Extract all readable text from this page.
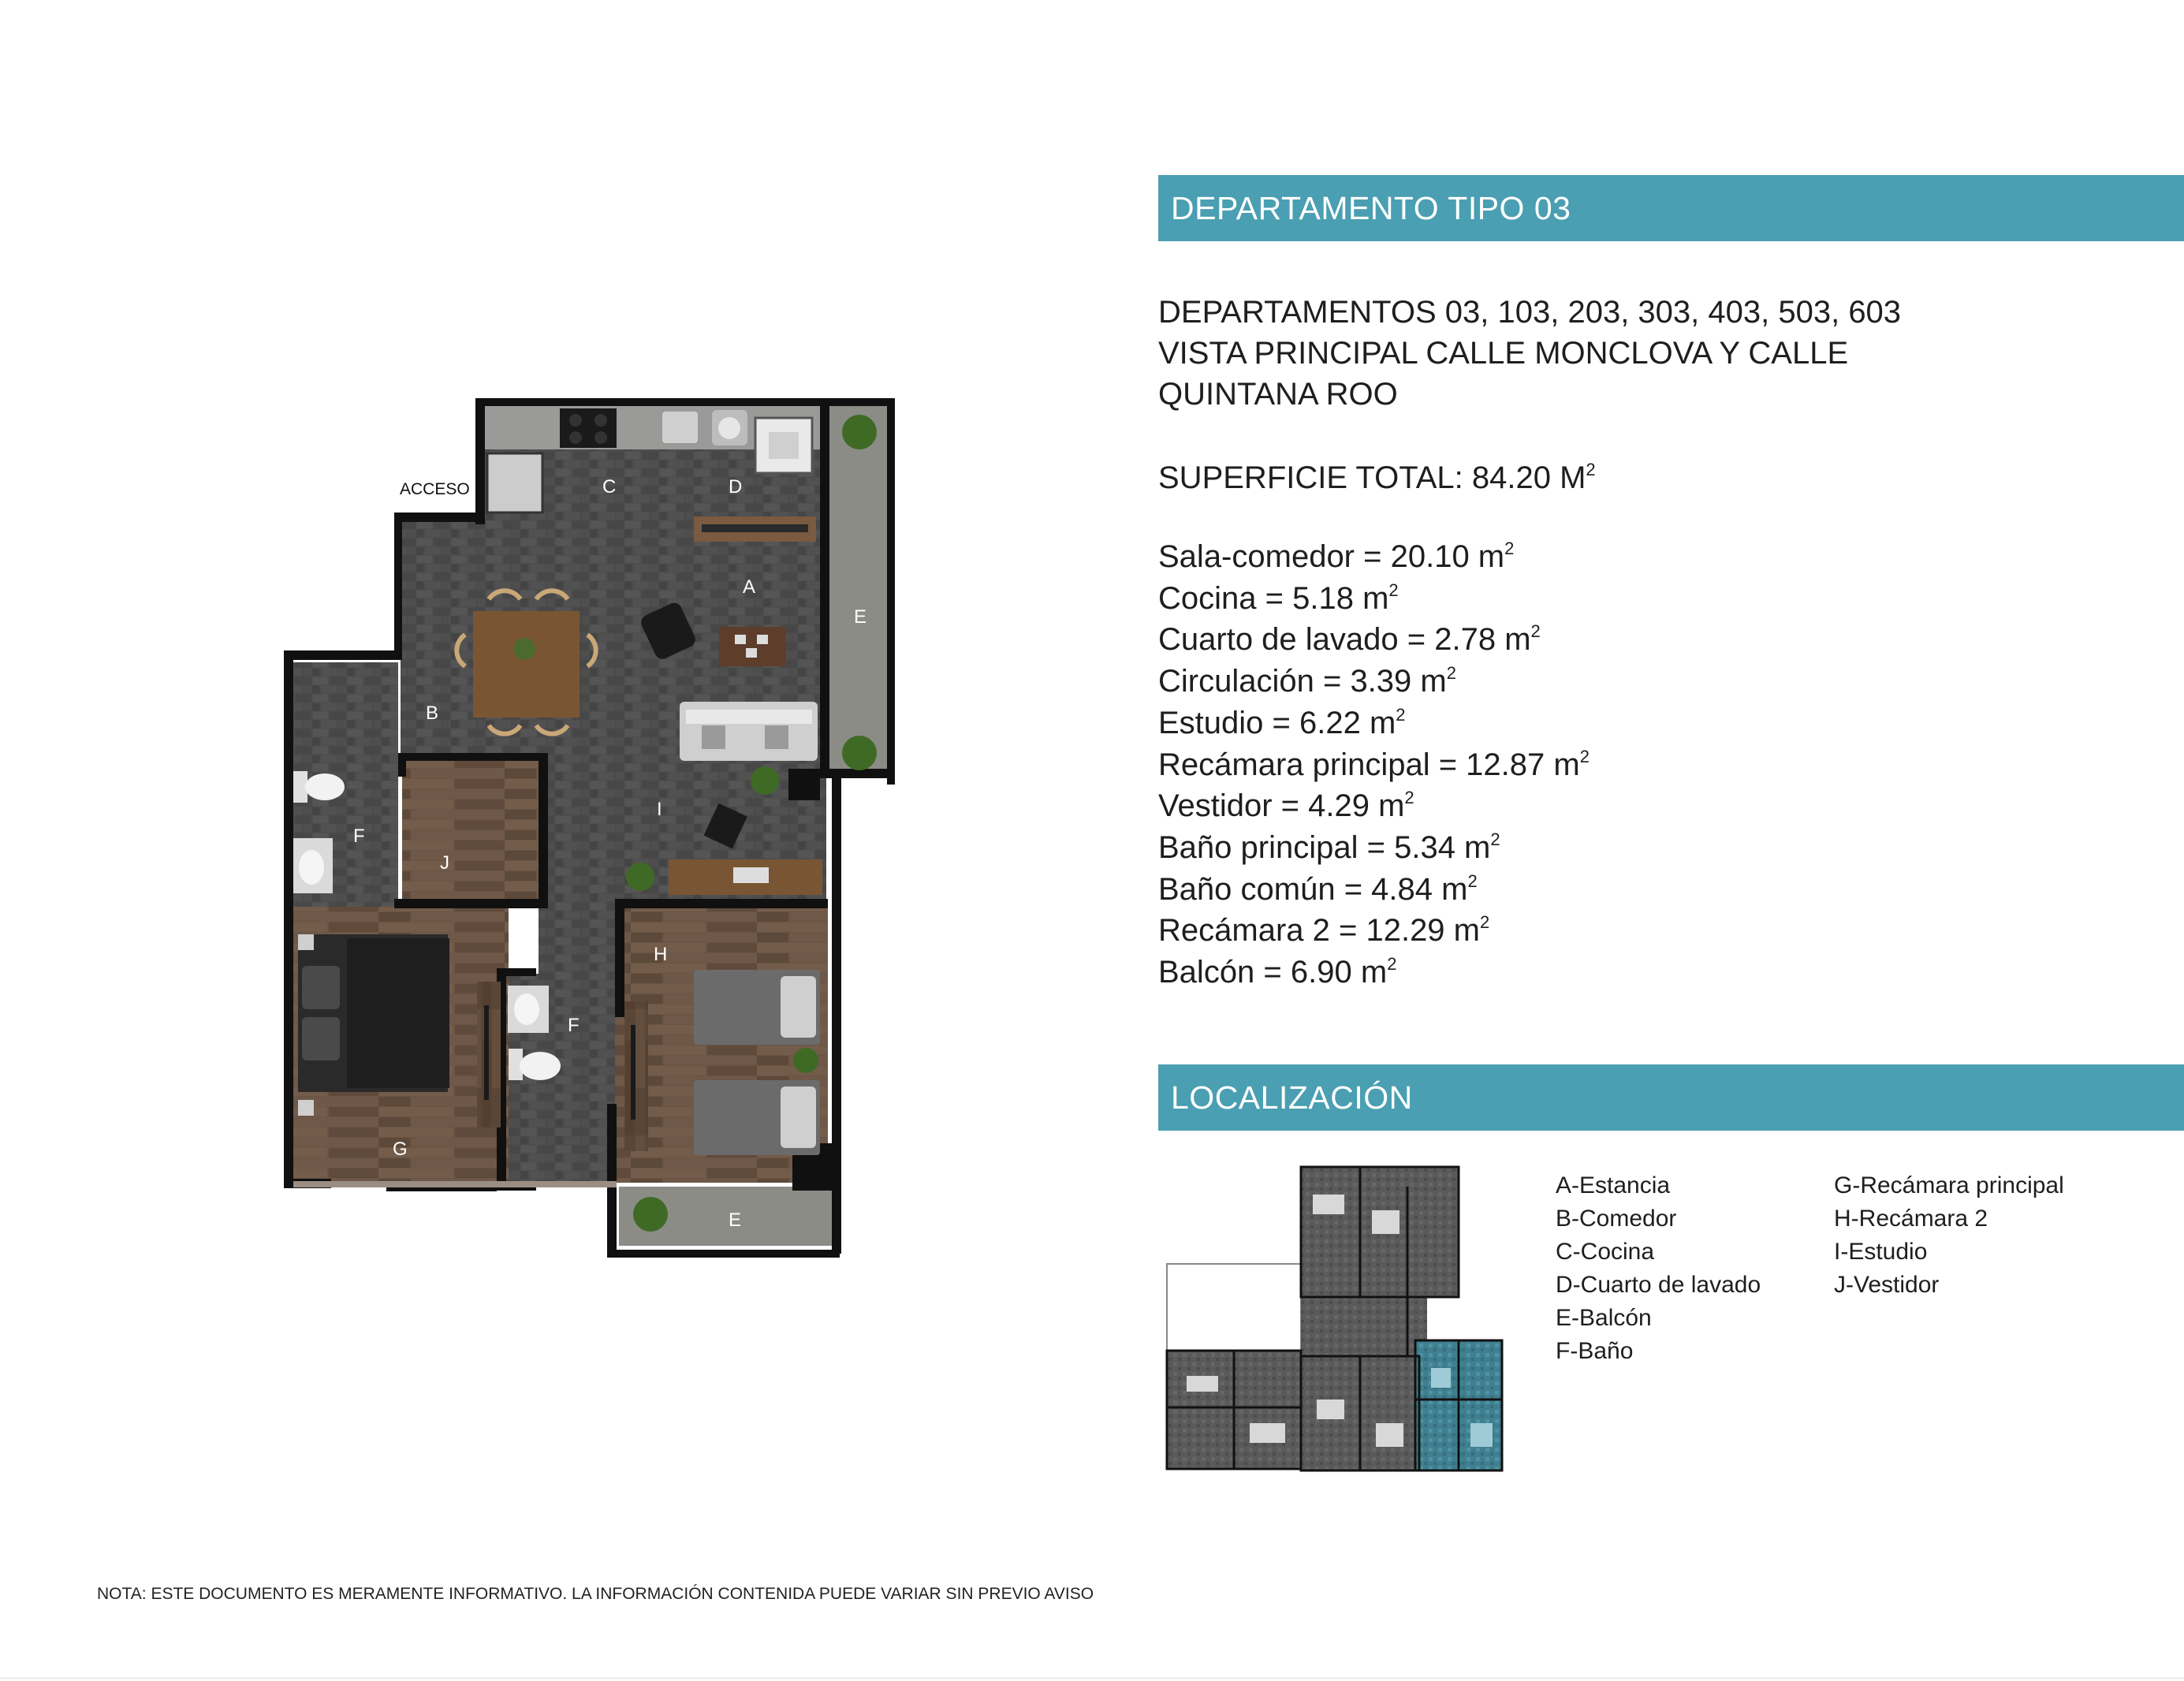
A
B
C	D
E
E
F
F
G
H
I
J
ACCESO
DEPARTAMENTO TIPO 03
DEPARTAMENTOS 03, 103, 203, 303, 403, 503, 603
VISTA PRINCIPAL CALLE MONCLOVA Y CALLE
QUINTANA ROO
SUPERFICIE TOTAL: 84.20 $M^2$
Sala-comedor = 20.10 $m^2$
Cocina = 5.18 $m^2$
Cuarto de lavado = 2.78 $m^2$
Circulación = 3.39 $m^2$
Estudio = 6.22 $m^2$
Recámara principal = 12.87 $m^2$
Vestidor = 4.29 $m^2$
Baño principal = 5.34 $m^2$
Baño común = 4.84 $m^2$
Recámara 2 = 12.29 $m^2$
Balcón = 6.90 $m^2$
LOCALIZACIÓN
A-Estancia
B-Comedor
C-Cocina
D-Cuarto de lavado
E-Balcón
F-Baño
G-Recámara principal
H-Recámara 2
I-Estudio
J-Vestidor
NOTA: ESTE DOCUMENTO ES MERAMENTE INFORMATIVO. LA INFORMACIÓN CONTENIDA PUEDE VARIAR SIN PREVIO AVISO
